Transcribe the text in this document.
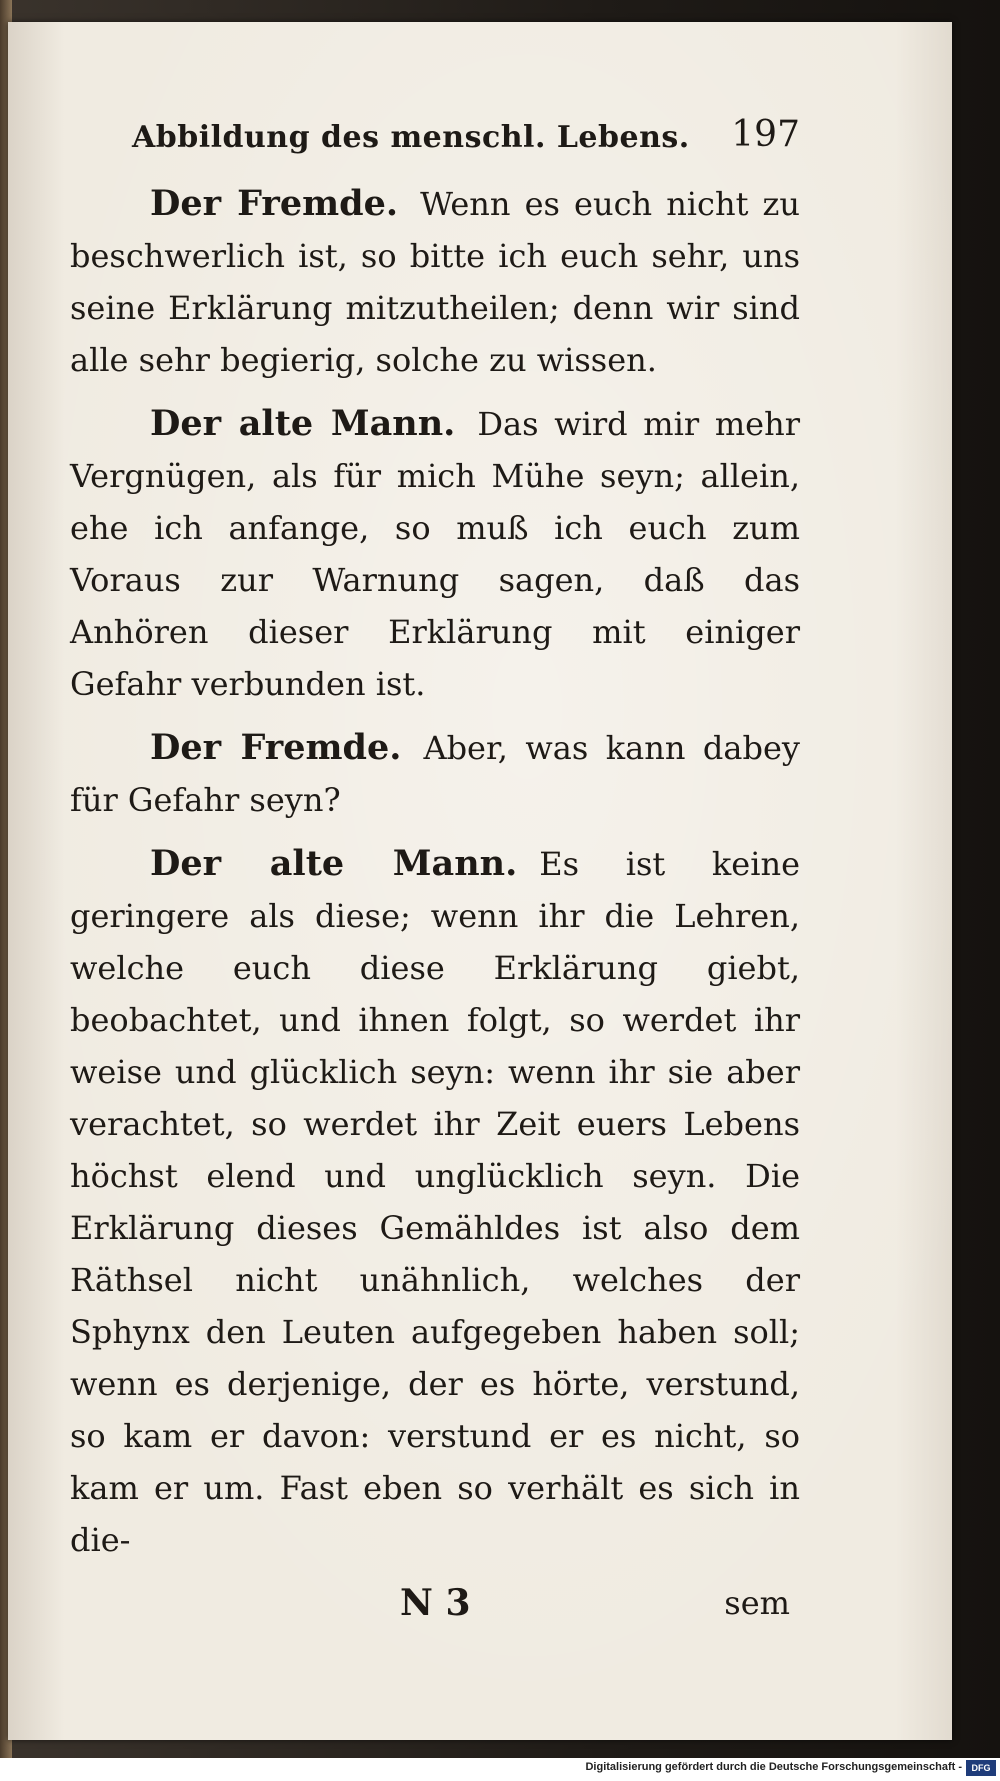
Abbildung des menschl. Lebens. 197

Der Fremde. Wenn es euch nicht zu beschwerlich ist, so bitte ich euch sehr, uns seine Erklärung mitzutheilen; denn wir sind alle sehr begierig, solche zu wissen.

Der alte Mann. Das wird mir mehr Vergnügen, als für mich Mühe seyn; allein, ehe ich anfange, so muß ich euch zum Voraus zur Warnung sagen, daß das Anhören dieser Erklärung mit einiger Gefahr verbunden ist.

Der Fremde. Aber, was kann dabey für Gefahr seyn?

Der alte Mann. Es ist keine geringere als diese; wenn ihr die Lehren, welche euch diese Erklärung giebt, beobachtet, und ihnen folgt, so werdet ihr weise und glücklich seyn: wenn ihr sie aber verachtet, so werdet ihr Zeit euers Lebens höchst elend und unglücklich seyn. Die Erklärung dieses Gemähldes ist also dem Räthsel nicht unähnlich, welches der Sphynx den Leuten aufgegeben haben soll; wenn es derjenige, der es hörte, verstund, so kam er davon: verstund er es nicht, so kam er um. Fast eben so verhält es sich in die-

N 3	sem
Digitalisierung gefördert durch die Deutsche Forschungsgemeinschaft -	DFG
